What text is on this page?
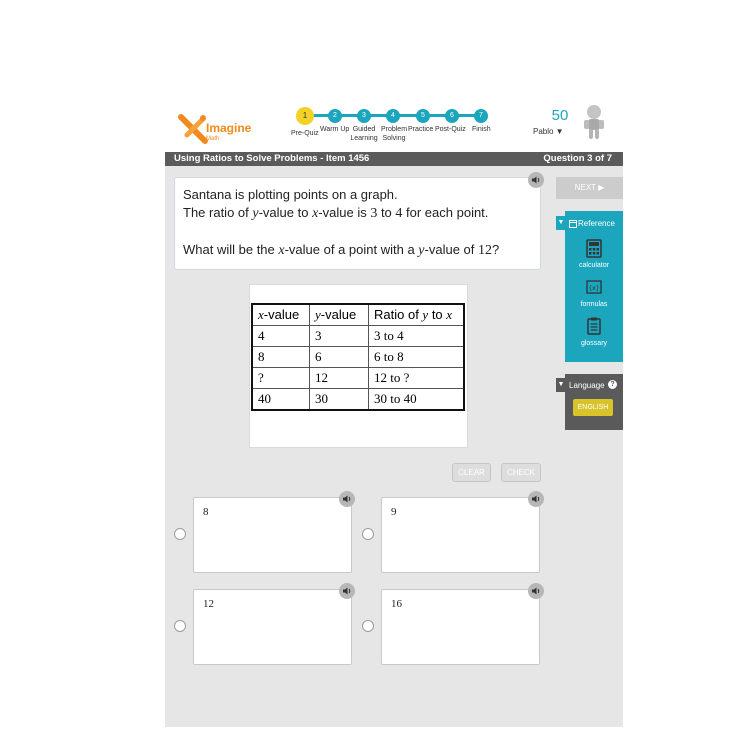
Imagine
Math
1	2	3	4	5	6	7
Pre-Quiz
Warm Up Guided Learning
Problem Solving
Practice Post-Quiz Finish
50
Pablo ▼
Using Ratios to Solve Problems - Item 1456	Question 3 of 7

Santana is plotting points on a graph.

The ratio of y-value to x-value is 3 to 4 for each point.

What will be the x-value of a point with a y-value of 12?

x-value	y-value	Ratio of y to x
4	3	3 to 4
8	6	6 to 8
?	12	12 to ?
40	30	30 to 40
CLEAR	CHECK
8	9
12	16
NEXT ▶
▼ Reference
calculator
{x}
formulas
glossary
▼ Language ?
ENGLISH
